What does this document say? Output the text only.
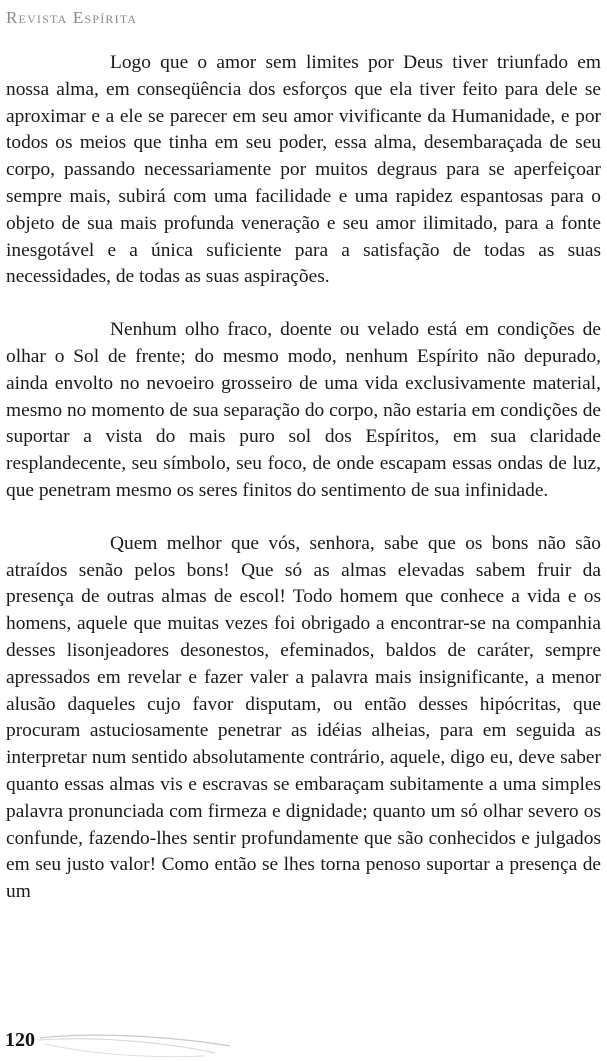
Revista Espírita

Logo que o amor sem limites por Deus tiver triunfado em nossa alma, em conseqüência dos esforços que ela tiver feito para dele se aproximar e a ele se parecer em seu amor vivificante da Humanidade, e por todos os meios que tinha em seu poder, essa alma, desembaraçada de seu corpo, passando necessariamente por muitos degraus para se aperfeiçoar sempre mais, subirá com uma facilidade e uma rapidez espantosas para o objeto de sua mais profunda veneração e seu amor ilimitado, para a fonte inesgotável e a única suficiente para a satisfação de todas as suas necessidades, de todas as suas aspirações.

Nenhum olho fraco, doente ou velado está em condições de olhar o Sol de frente; do mesmo modo, nenhum Espírito não depurado, ainda envolto no nevoeiro grosseiro de uma vida exclusivamente material, mesmo no momento de sua separação do corpo, não estaria em condições de suportar a vista do mais puro sol dos Espíritos, em sua claridade resplandecente, seu símbolo, seu foco, de onde escapam essas ondas de luz, que penetram mesmo os seres finitos do sentimento de sua infinidade.

Quem melhor que vós, senhora, sabe que os bons não são atraídos senão pelos bons! Que só as almas elevadas sabem fruir da presença de outras almas de escol! Todo homem que conhece a vida e os homens, aquele que muitas vezes foi obrigado a encontrar-se na companhia desses lisonjeadores desonestos, efeminados, baldos de caráter, sempre apressados em revelar e fazer valer a palavra mais insignificante, a menor alusão daqueles cujo favor disputam, ou então desses hipócritas, que procuram astuciosamente penetrar as idéias alheias, para em seguida as interpretar num sentido absolutamente contrário, aquele, digo eu, deve saber quanto essas almas vis e escravas se embaraçam subitamente a uma simples palavra pronunciada com firmeza e dignidade; quanto um só olhar severo os confunde, fazendo-lhes sentir profundamente que são conhecidos e julgados em seu justo valor! Como então se lhes torna penoso suportar a presença de um

120
